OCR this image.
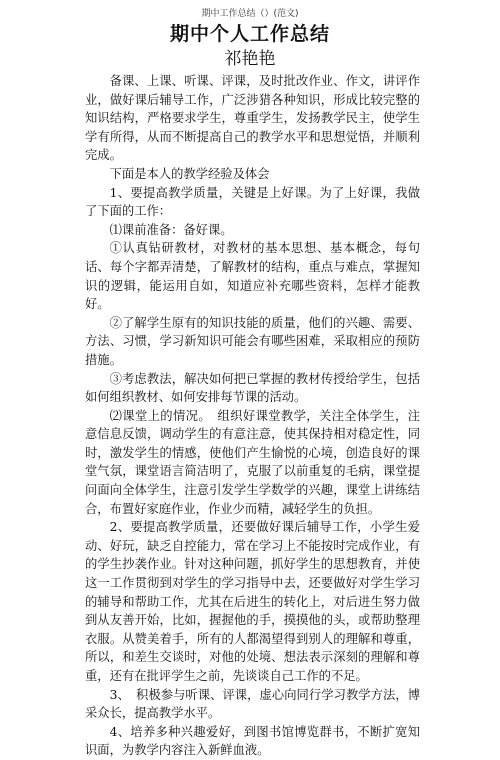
期中工作总结（）(范文)
期中个人工作总结
祁艳艳

备课、上课、听课、评课，及时批改作业、作文，讲评作业，做好课后辅导工作，广泛涉猎各种知识，形成比较完整的知识结构，严格要求学生，尊重学生，发扬教学民主，使学生学有所得，从而不断提高自己的教学水平和思想觉悟，并顺利完成。

下面是本人的教学经验及体会

1、要提高教学质量，关键是上好课。为了上好课，我做了下面的工作：

⑴课前准备：备好课。

①认真钻研教材，对教材的基本思想、基本概念，每句话、每个字都弄清楚，了解教材的结构，重点与难点，掌握知识的逻辑，能运用自如，知道应补充哪些资料，怎样才能教好。

②了解学生原有的知识技能的质量，他们的兴趣、需要、方法、习惯，学习新知识可能会有哪些困难，采取相应的预防措施。

③考虑教法，解决如何把已掌握的教材传授给学生，包括如何组织教材、如何安排每节课的活动。

⑵课堂上的情况。　组织好课堂教学，关注全体学生，注意信息反馈，调动学生的有意注意，使其保持相对稳定性，同时，激发学生的情感，使他们产生愉悦的心境，创造良好的课堂气氛，课堂语言简洁明了，克服了以前重复的毛病，课堂提问面向全体学生，注意引发学生学数学的兴趣，课堂上讲练结合，布置好家庭作业，作业少而精，减轻学生的负担。

2、要提高教学质量，还要做好课后辅导工作，小学生爱动、好玩，缺乏自控能力，常在学习上不能按时完成作业，有的学生抄袭作业。针对这种问题，抓好学生的思想教育，并使这一工作贯彻到对学生的学习指导中去，还要做好对学生学习的辅导和帮助工作，尤其在后进生的转化上，对后进生努力做到从友善开始，比如，握握他的手，摸摸他的头，或帮助整理衣服。从赞美着手，所有的人都渴望得到别人的理解和尊重，所以，和差生交谈时，对他的处境、想法表示深刻的理解和尊重，还有在批评学生之前，先谈谈自己工作的不足。

3、　积极参与听课、评课，虚心向同行学习教学方法，博采众长，提高教学水平。

4、培养多种兴趣爱好，到图书馆博览群书，不断扩宽知识面，为教学内容注入新鲜血液。
